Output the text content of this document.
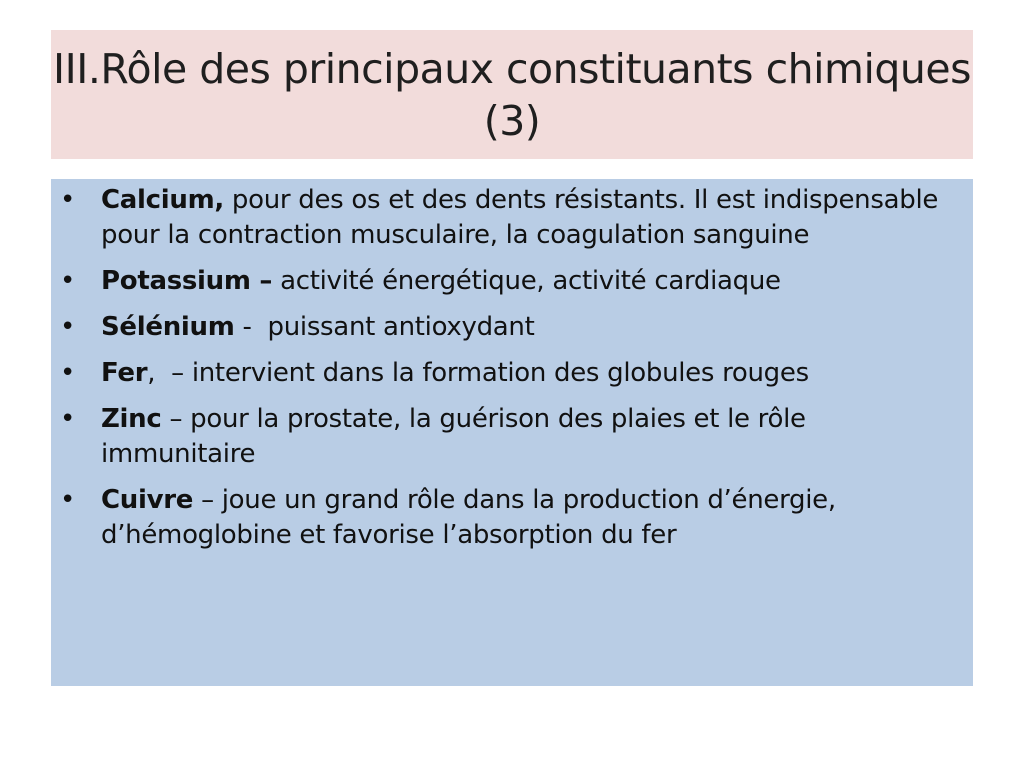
III.Rôle des principaux constituants chimiques (3)
• Calcium, pour des os et des dents résistants. Il est indispensable pour la contraction musculaire, la coagulation sanguine
• Potassium – activité énergétique, activité cardiaque
• Sélénium -  puissant antioxydant
• Fer,  – intervient dans la formation des globules rouges
• Zinc – pour la prostate, la guérison des plaies et le rôle immunitaire
• Cuivre – joue un grand rôle dans la production d’énergie, d’hémoglobine et favorise l’absorption du fer
